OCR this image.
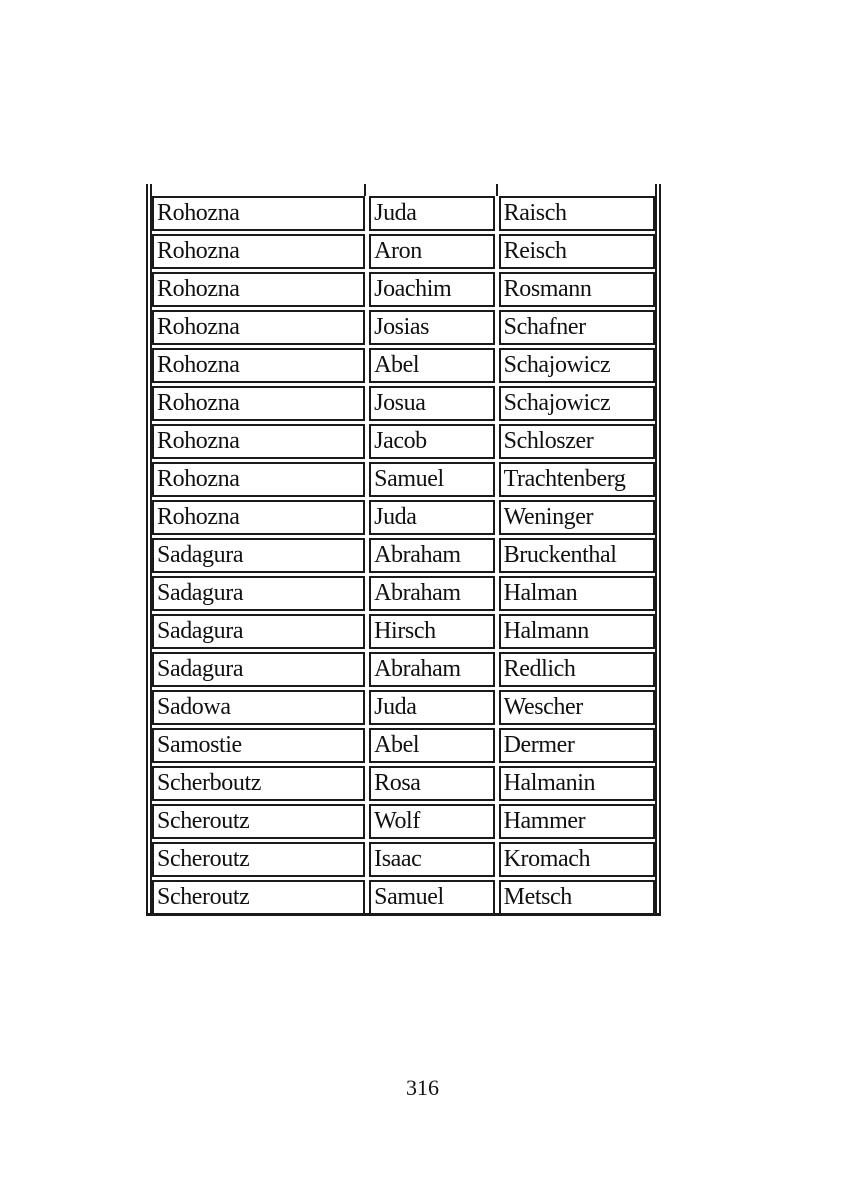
Rohozna	Juda	Raisch
Rohozna	Aron	Reisch
Rohozna	Joachim	Rosmann
Rohozna	Josias	Schafner
Rohozna	Abel	Schajowicz
Rohozna	Josua	Schajowicz
Rohozna	Jacob	Schloszer
Rohozna	Samuel	Trachtenberg
Rohozna	Juda	Weninger
Sadagura	Abraham	Bruckenthal
Sadagura	Abraham	Halman
Sadagura	Hirsch	Halmann
Sadagura	Abraham	Redlich
Sadowa	Juda	Wescher
Samostie	Abel	Dermer
Scherboutz	Rosa	Halmanin
Scheroutz	Wolf	Hammer
Scheroutz	Isaac	Kromach
Scheroutz	Samuel	Metsch
316
